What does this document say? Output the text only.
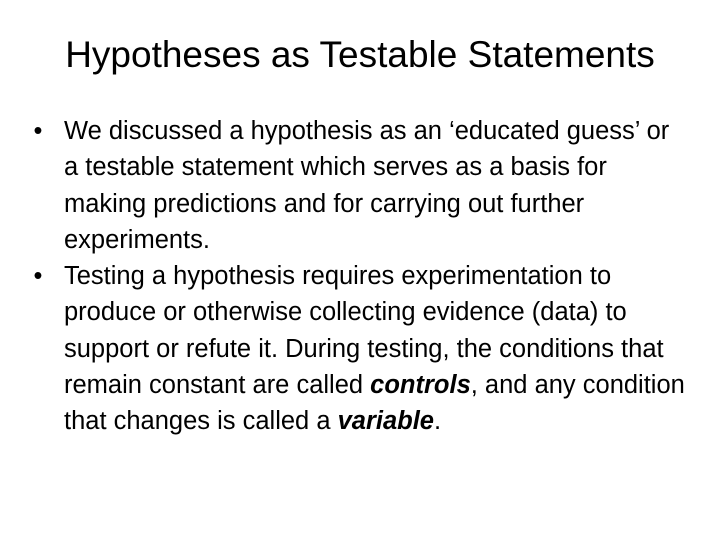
Hypotheses as Testable Statements
• We discussed a hypothesis as an ‘educated guess’ or a testable statement which serves as a basis for making predictions and for carrying out further experiments.
• Testing a hypothesis requires experimentation to produce or otherwise collecting evidence (data) to support or refute it. During testing, the conditions that remain constant are called controls, and any condition that changes is called a variable.
